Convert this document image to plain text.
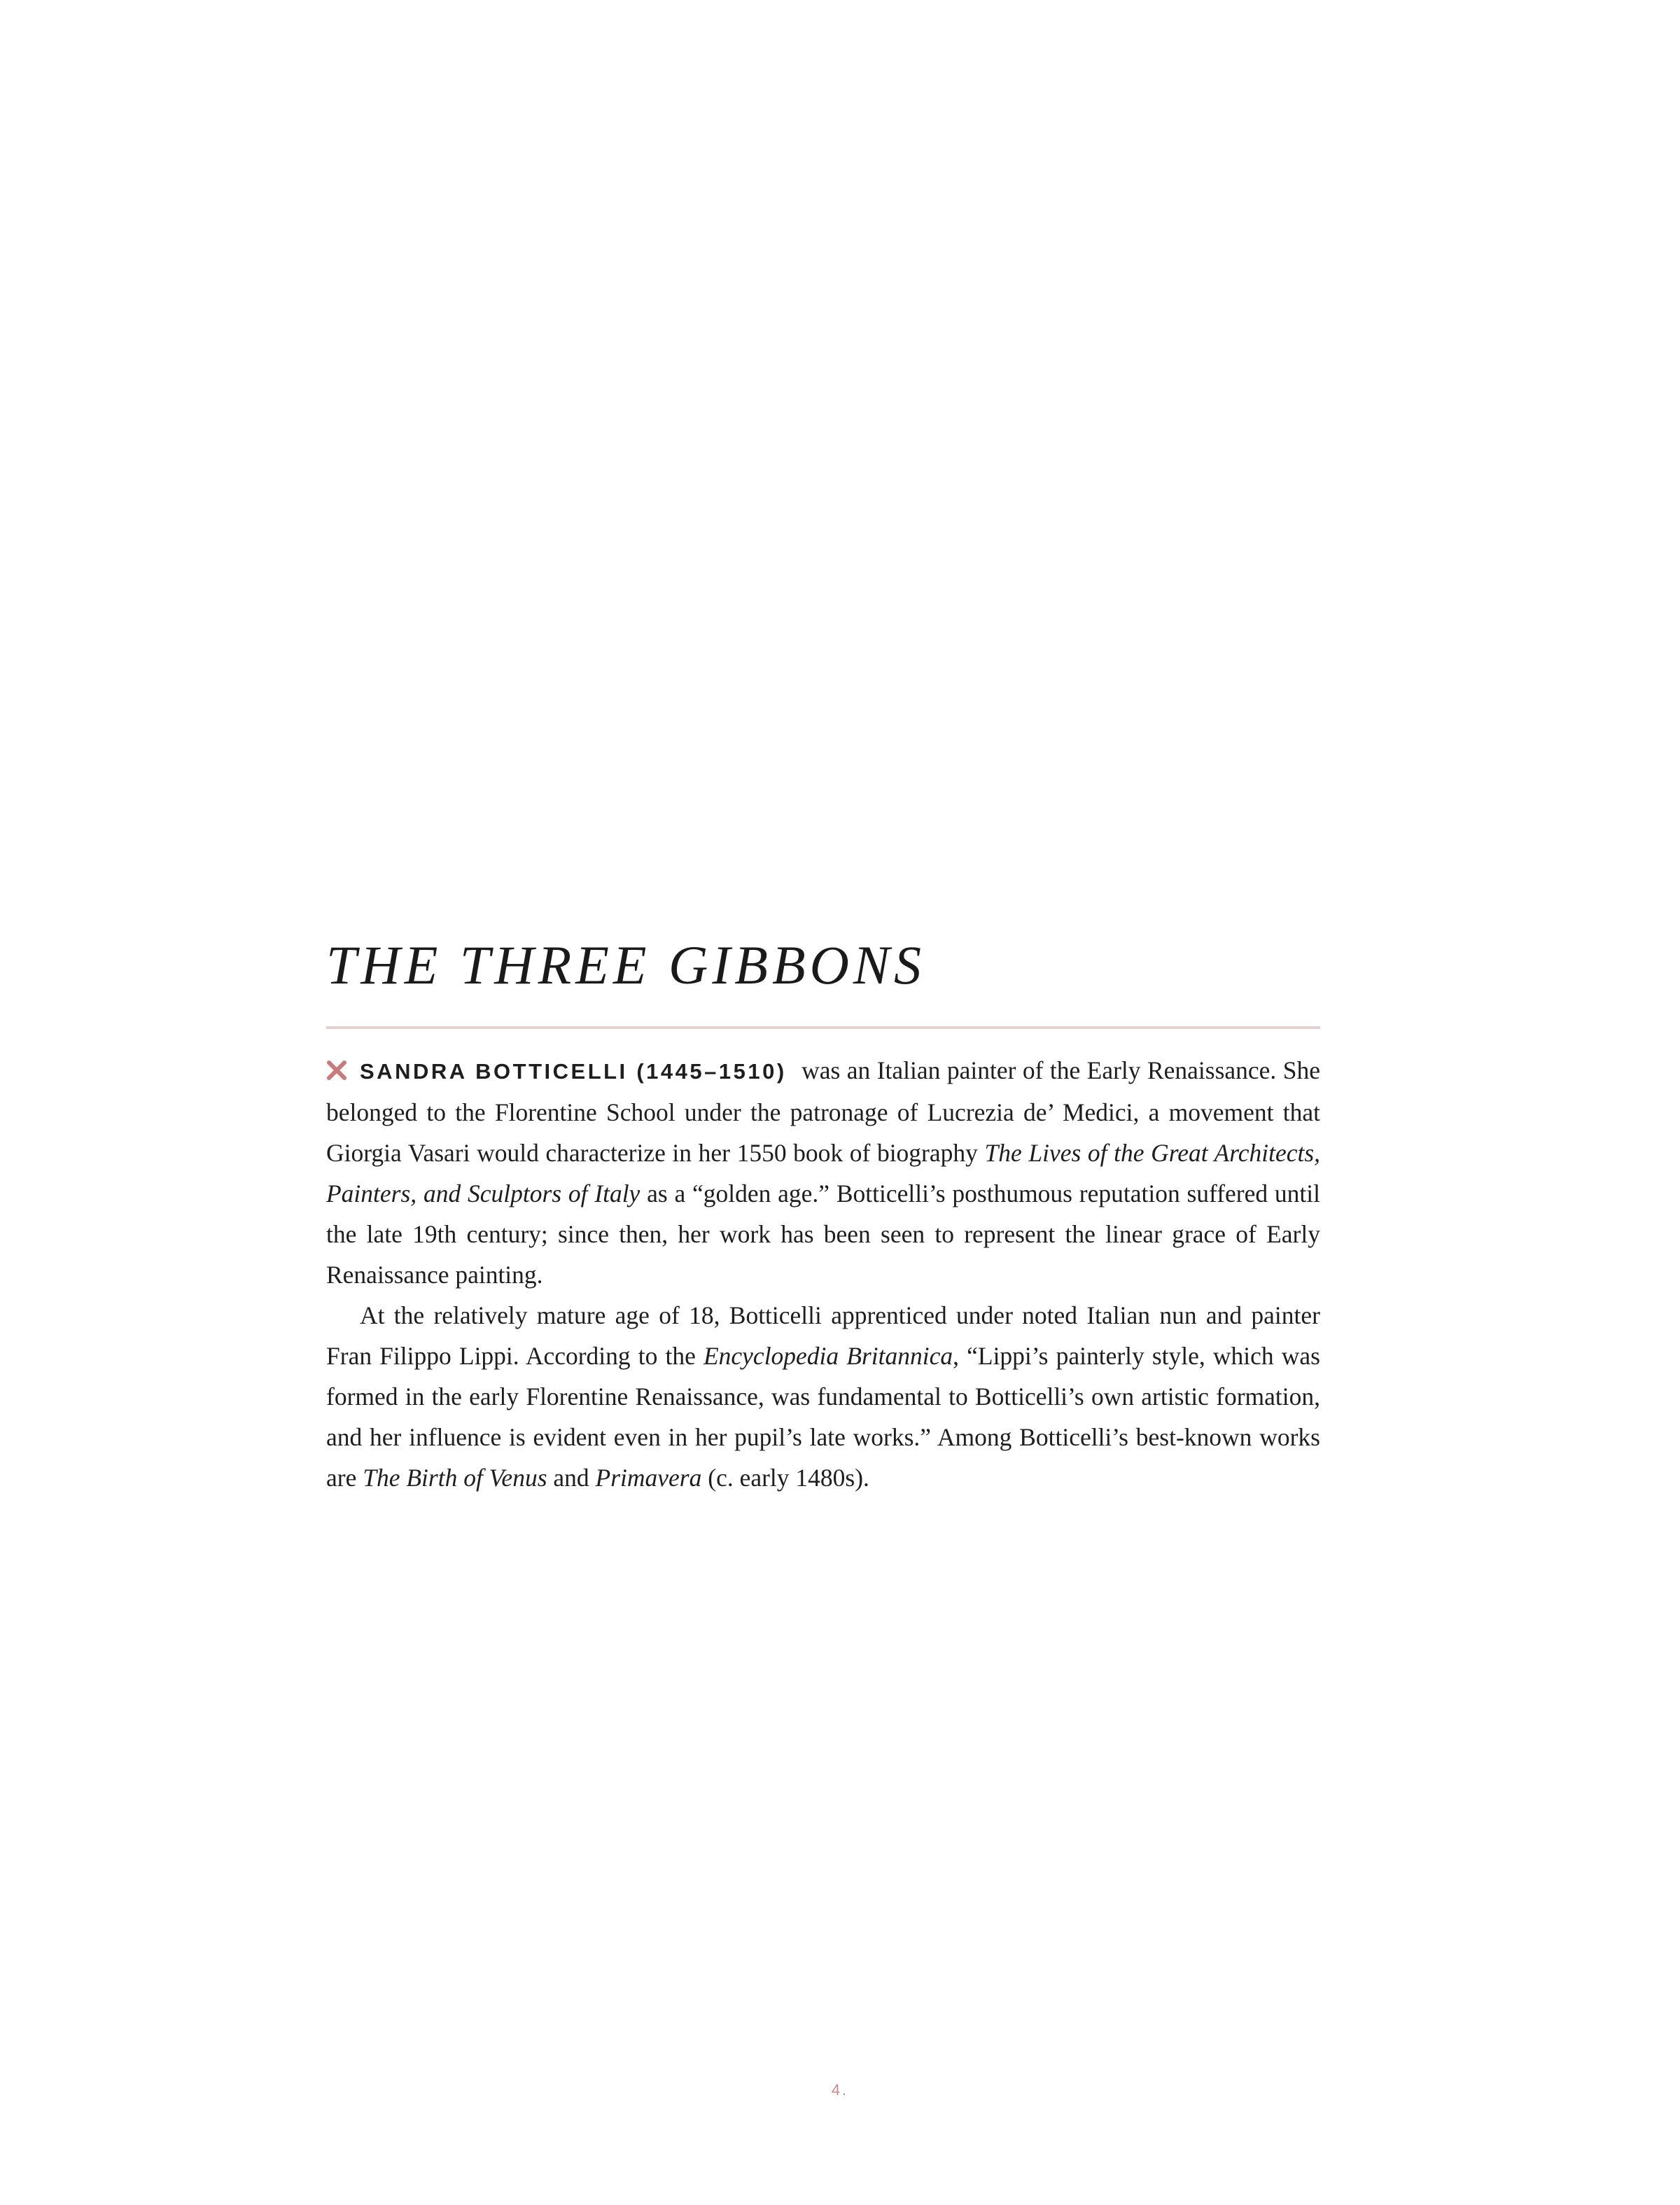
THE THREE GIBBONS

SANDRA BOTTICELLI (1445–1510) was an Italian painter of the Early Renaissance. She belonged to the Florentine School under the patronage of Lucrezia de’ Medici, a movement that Giorgia Vasari would characterize in her 1550 book of biography The Lives of the Great Architects, Painters, and Sculptors of Italy as a “golden age.” Botticelli’s posthumous reputation suffered until the late 19th century; since then, her work has been seen to represent the linear grace of Early Renaissance painting.

At the relatively mature age of 18, Botticelli apprenticed under noted Italian nun and painter Fran Filippo Lippi. According to the Encyclopedia Britannica, “Lippi’s painterly style, which was formed in the early Florentine Renaissance, was fundamental to Botticelli’s own artistic formation, and her influence is evident even in her pupil’s late works.” Among Botticelli’s best-known works are The Birth of Venus and Primavera (c. early 1480s).

4.
